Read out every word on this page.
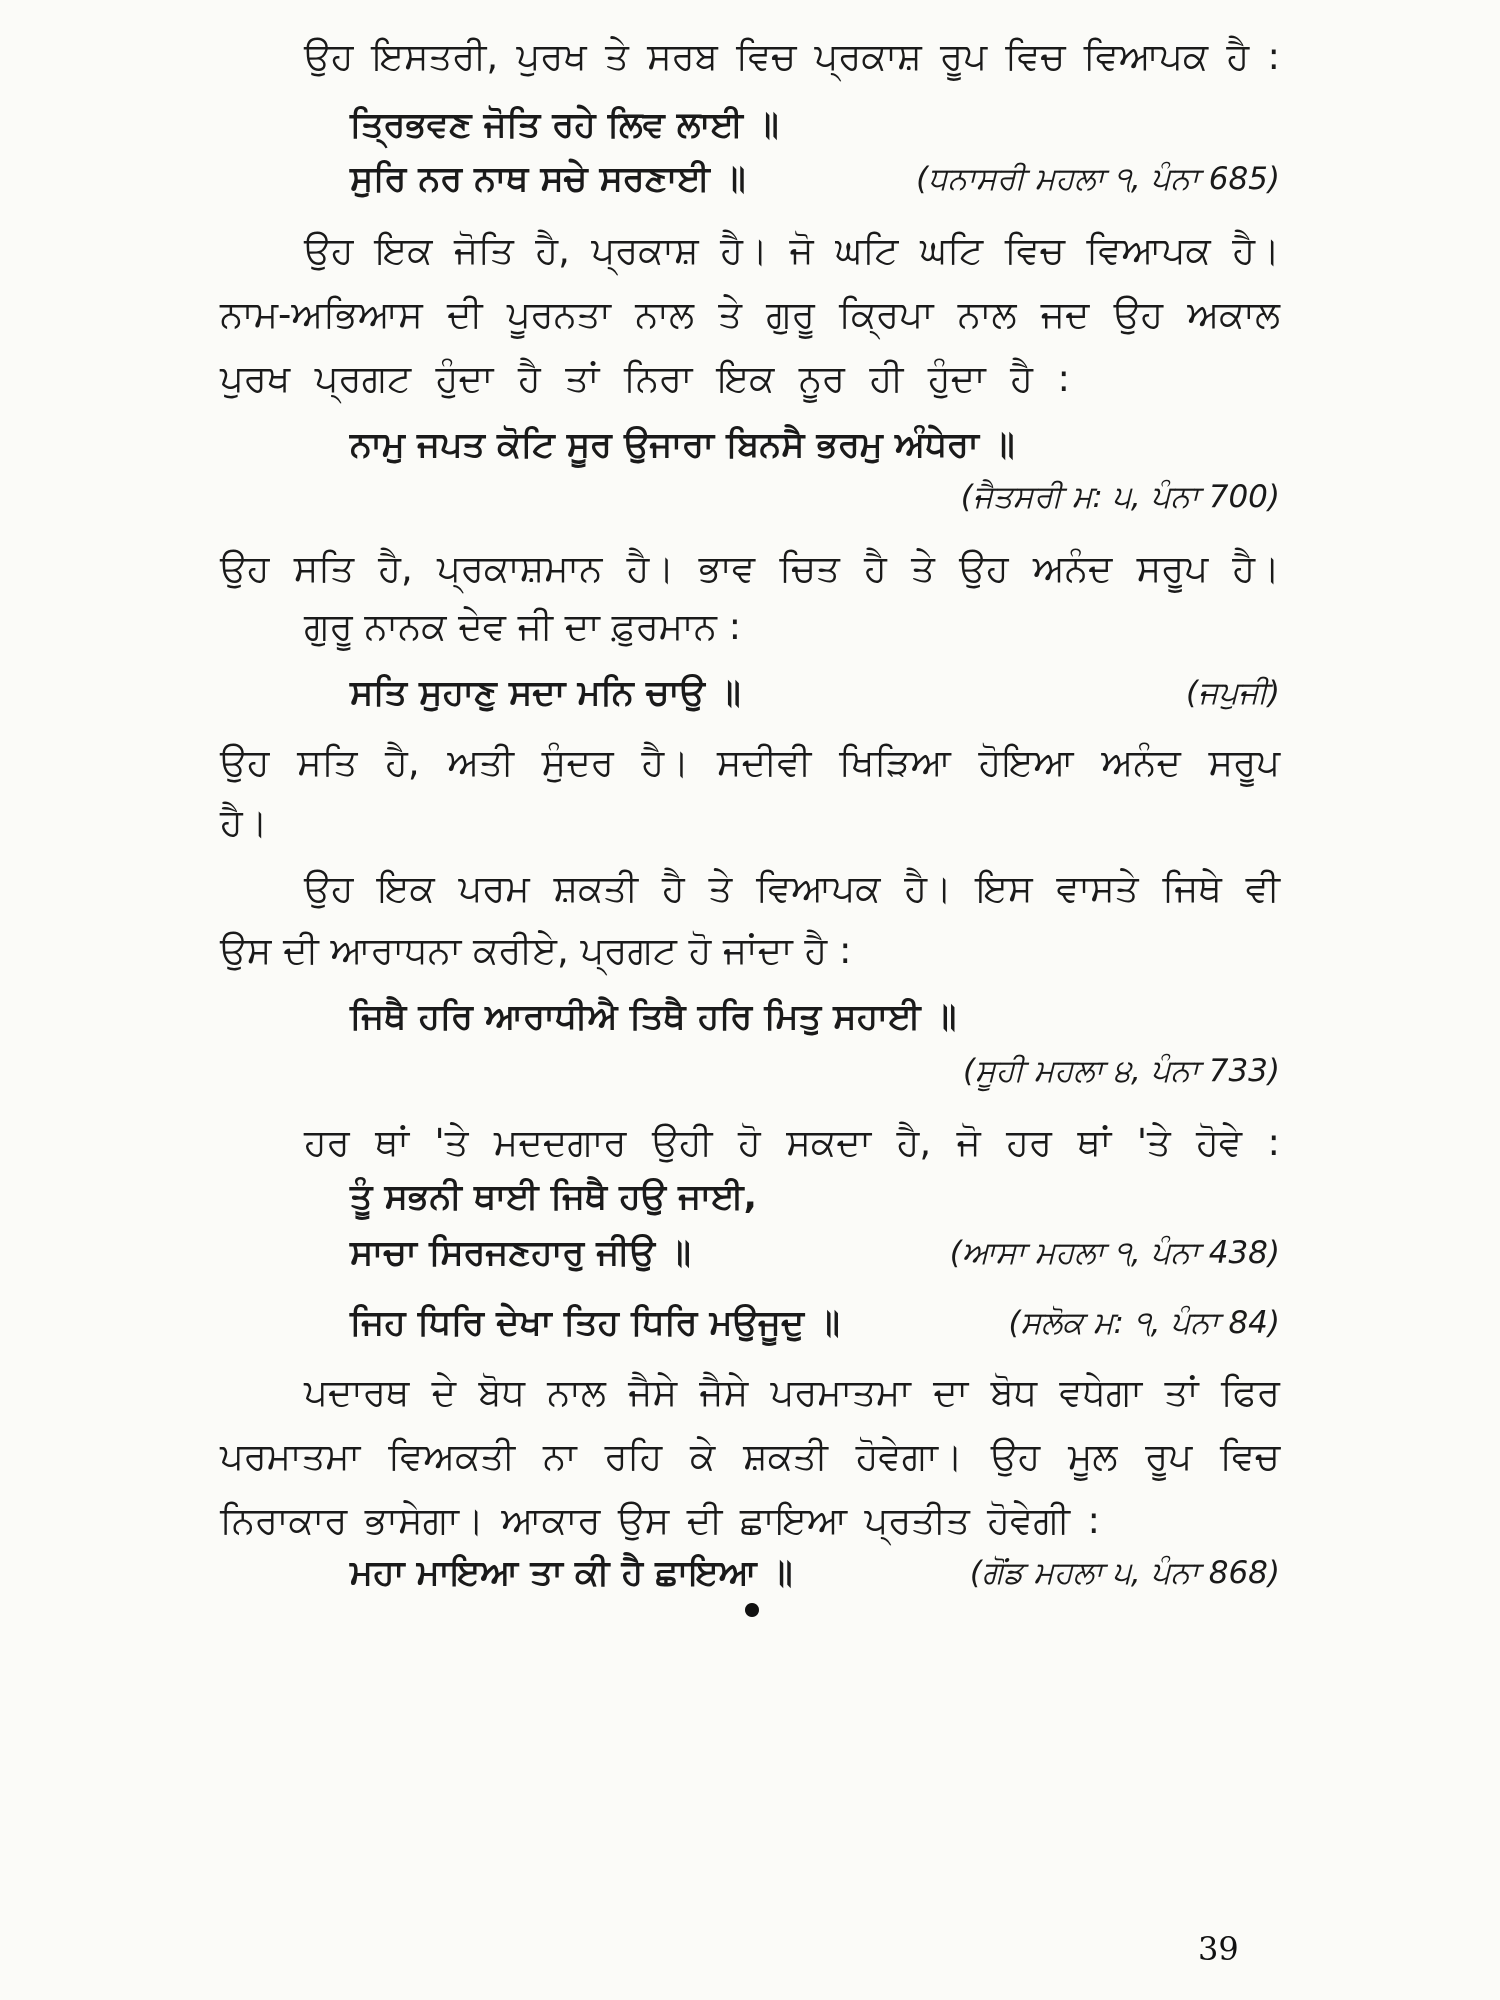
ਉਹ ਇਸਤਰੀ, ਪੁਰਖ ਤੇ ਸਰਬ ਵਿਚ ਪ੍ਰਕਾਸ਼ ਰੂਪ ਵਿਚ ਵਿਆਪਕ ਹੈ :
ਤ੍ਰਿਭਵਣ ਜੋਤਿ ਰਹੇ ਲਿਵ ਲਾਈ ॥
ਸੁਰਿ ਨਰ ਨਾਥ ਸਚੇ ਸਰਣਾਈ ॥	(ਧਨਾਸਰੀ ਮਹਲਾ ੧, ਪੰਨਾ 685)
ਉਹ ਇਕ ਜੋਤਿ ਹੈ, ਪ੍ਰਕਾਸ਼ ਹੈ। ਜੋ ਘਟਿ ਘਟਿ ਵਿਚ ਵਿਆਪਕ ਹੈ।
ਨਾਮ-ਅਭਿਆਸ ਦੀ ਪੂਰਨਤਾ ਨਾਲ ਤੇ ਗੁਰੂ ਕ੍ਰਿਪਾ ਨਾਲ ਜਦ ਉਹ ਅਕਾਲ
ਪੁਰਖ ਪ੍ਰਗਟ ਹੁੰਦਾ ਹੈ ਤਾਂ ਨਿਰਾ ਇਕ ਨੂਰ ਹੀ ਹੁੰਦਾ ਹੈ :
ਨਾਮੁ ਜਪਤ ਕੋਟਿ ਸੂਰ ਉਜਾਰਾ ਬਿਨਸੈ ਭਰਮੁ ਅੰਧੇਰਾ ॥
(ਜੈਤਸਰੀ ਮ: ੫, ਪੰਨਾ 700)
ਉਹ ਸਤਿ ਹੈ, ਪ੍ਰਕਾਸ਼ਮਾਨ ਹੈ। ਭਾਵ ਚਿਤ ਹੈ ਤੇ ਉਹ ਅਨੰਦ ਸਰੂਪ ਹੈ।
ਗੁਰੂ ਨਾਨਕ ਦੇਵ ਜੀ ਦਾ ਫ਼ੁਰਮਾਨ :
ਸਤਿ ਸੁਹਾਣੁ ਸਦਾ ਮਨਿ ਚਾਉ ॥	(ਜਪੁਜੀ)
ਉਹ ਸਤਿ ਹੈ, ਅਤੀ ਸੁੰਦਰ ਹੈ। ਸਦੀਵੀ ਖਿੜਿਆ ਹੋਇਆ ਅਨੰਦ ਸਰੂਪ
ਹੈ।
ਉਹ ਇਕ ਪਰਮ ਸ਼ਕਤੀ ਹੈ ਤੇ ਵਿਆਪਕ ਹੈ। ਇਸ ਵਾਸਤੇ ਜਿਥੇ ਵੀ
ਉਸ ਦੀ ਆਰਾਧਨਾ ਕਰੀਏ, ਪ੍ਰਗਟ ਹੋ ਜਾਂਦਾ ਹੈ :
ਜਿਥੈ ਹਰਿ ਆਰਾਧੀਐ ਤਿਥੈ ਹਰਿ ਮਿਤੁ ਸਹਾਈ ॥
(ਸੂਹੀ ਮਹਲਾ ੪, ਪੰਨਾ 733)
ਹਰ ਥਾਂ 'ਤੇ ਮਦਦਗਾਰ ਉਹੀ ਹੋ ਸਕਦਾ ਹੈ, ਜੋ ਹਰ ਥਾਂ 'ਤੇ ਹੋਵੇ :
ਤੂੰ ਸਭਨੀ ਥਾਈ ਜਿਥੈ ਹਉ ਜਾਈ,
ਸਾਚਾ ਸਿਰਜਣਹਾਰੁ ਜੀਉ ॥	(ਆਸਾ ਮਹਲਾ ੧, ਪੰਨਾ 438)
ਜਿਹ ਧਿਰਿ ਦੇਖਾ ਤਿਹ ਧਿਰਿ ਮਉਜੂਦੁ ॥	(ਸਲੋਕ ਮ: ੧, ਪੰਨਾ 84)
ਪਦਾਰਥ ਦੇ ਬੋਧ ਨਾਲ ਜੈਸੇ ਜੈਸੇ ਪਰਮਾਤਮਾ ਦਾ ਬੋਧ ਵਧੇਗਾ ਤਾਂ ਫਿਰ
ਪਰਮਾਤਮਾ ਵਿਅਕਤੀ ਨਾ ਰਹਿ ਕੇ ਸ਼ਕਤੀ ਹੋਵੇਗਾ। ਉਹ ਮੂਲ ਰੂਪ ਵਿਚ
ਨਿਰਾਕਾਰ ਭਾਸੇਗਾ। ਆਕਾਰ ਉਸ ਦੀ ਛਾਇਆ ਪ੍ਰਤੀਤ ਹੋਵੇਗੀ :
ਮਹਾ ਮਾਇਆ ਤਾ ਕੀ ਹੈ ਛਾਇਆ ॥	(ਗੋਂਡ ਮਹਲਾ ੫, ਪੰਨਾ 868)
39
